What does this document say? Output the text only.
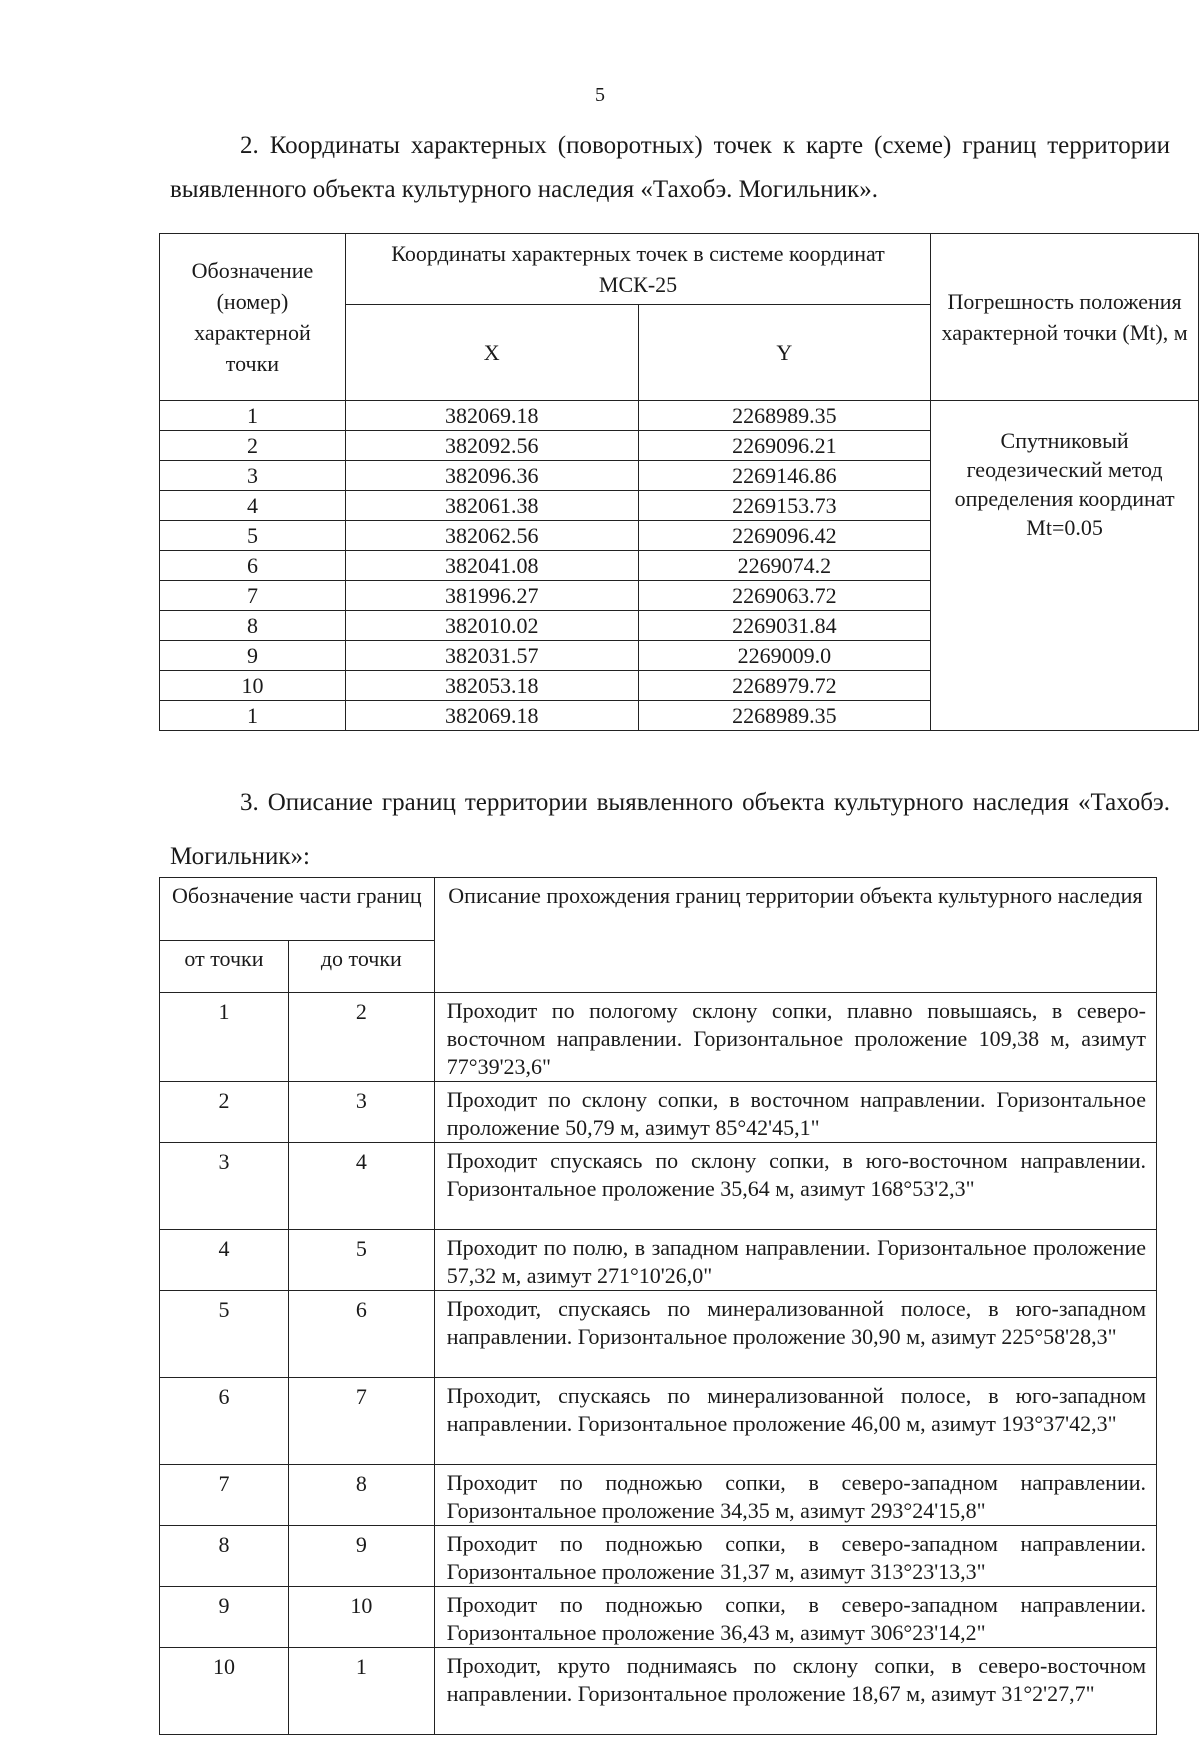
5
2. Координаты характерных (поворотных) точек к карте (схеме) границ территории выявленного объекта культурного наследия «Тахобэ. Могильник».
Обозначение (номер) характерной точки	Координаты характерных точек в системе координат МСК-25		Погрешность положения характерной точки (Mt), м
	X	Y	
1	382069.18	2268989.35	Спутниковый геодезический метод определения координат Mt=0.05
2	382092.56	2269096.21	
3	382096.36	2269146.86	
4	382061.38	2269153.73	
5	382062.56	2269096.42	
6	382041.08	2269074.2	
7	381996.27	2269063.72	
8	382010.02	2269031.84	
9	382031.57	2269009.0	
10	382053.18	2268979.72	
1	382069.18	2268989.35	
3. Описание границ территории выявленного объекта культурного наследия «Тахобэ. Могильник»:
Обозначение части границ		Описание прохождения границ территории объекта культурного наследия
от точки	до точки	
1	2	Проходит по пологому склону сопки, плавно повышаясь, в северо-восточном направлении. Горизонтальное проложение 109,38 м, азимут 77°39'23,6"
2	3	Проходит по склону сопки, в восточном направлении. Горизонтальное проложение 50,79 м, азимут 85°42'45,1"
3	4	Проходит спускаясь по склону сопки, в юго-восточном направлении. Горизонтальное проложение 35,64 м, азимут 168°53'2,3"
4	5	Проходит по полю, в западном направлении. Горизонтальное проложение 57,32 м, азимут 271°10'26,0"
5	6	Проходит, спускаясь по минерализованной полосе, в юго-западном направлении. Горизонтальное проложение 30,90 м, азимут 225°58'28,3"
6	7	Проходит, спускаясь по минерализованной полосе, в юго-западном направлении. Горизонтальное проложение 46,00 м, азимут 193°37'42,3"
7	8	Проходит по подножью сопки, в северо-западном направлении. Горизонтальное проложение 34,35 м, азимут 293°24'15,8"
8	9	Проходит по подножью сопки, в северо-западном направлении. Горизонтальное проложение 31,37 м, азимут 313°23'13,3"
9	10	Проходит по подножью сопки, в северо-западном направлении. Горизонтальное проложение 36,43 м, азимут 306°23'14,2"
10	1	Проходит, круто поднимаясь по склону сопки, в северо-восточном направлении. Горизонтальное проложение 18,67 м, азимут 31°2'27,7"
